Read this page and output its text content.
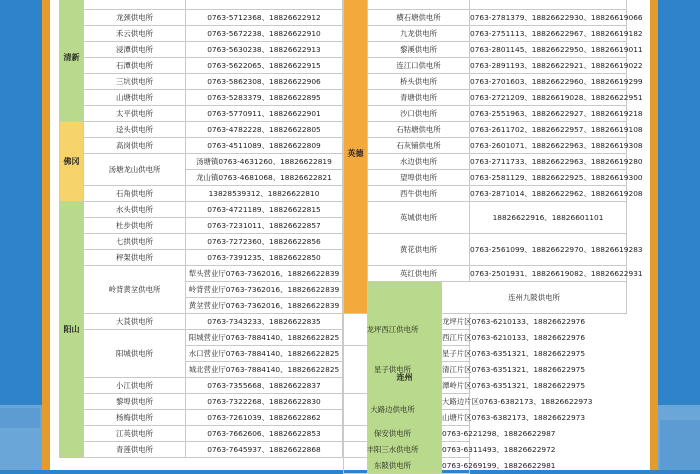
清新		
	龙颈供电所	0763-5712368、18826622912
	禾云供电所	0763-5672238、18826622910
	浸潭供电所	0763-5630238、18826622913
	石潭供电所	0763-5622065、18826622915
	三坑供电所	0763-5862308、18826622906
	山塘供电所	0763-5283379、18826622895
	太平供电所	0763-5770911、18826622901
佛冈	迳头供电所	0763-4782228、18826622805
	高岗供电所	0763-4511089、18826622809
	汤塘龙山供电所	汤塘镇0763-4631260、18826622819
		龙山镇0763-4681068、18826622821
	石角供电所	13828539312、18826622810
阳山	水头供电所	0763-4721189、18826622815
	杜步供电所	0763-7231011、18826622857
	七拱供电所	0763-7272360、18826622856
	秤架供电所	0763-7391235、18826622850
	岭背黄坌供电所	犁头营业厅0763-7362016、18826622839
		岭背营业厅0763-7362016、18826622839
		黄坌营业厅0763-7362016、18826622839
	大莨供电所	0763-7343233、18826622835
	阳城供电所	阳城营业厅0763-7884140、18826622825
		水口营业厅0763-7884140、18826622825
		城北营业厅0763-7884140、18826622825
	小江供电所	0763-7355668、18826622837
	黎埠供电所	0763-7322268、18826622830
	杨梅供电所	0763-7261039、18826622862
	江英供电所	0763-7662606、18826622853
	青莲供电所	0763-7645937、18826622868
英德				
	横石塘供电所		0763-2781379、18826622930、18826619066	
	九龙供电所		0763-2751113、18826622967、18826619182	
	黎溪供电所		0763-2801145、18826622950、18826619011	
	连江口供电所		0763-2891193、18826622921、18826619022	
	桥头供电所		0763-2701603、18826622960、18826619299	
	青塘供电所		0763-2721209、18826619028、18826622951	
	沙口供电所		0763-2551963、18826622927、18826619218	
	石牯塘供电所		0763-2611702、18826622957、18826619108	
	石灰铺供电所		0763-2601071、18826622963、18826619308	
	水边供电所		0763-2711733、18826622963、18826619280	
	望埠供电所		0763-2581129、18826622925、18826619300	
	西牛供电所		0763-2871014、18826622962、18826619208	
	英城供电所		18826622916、18826601101	
	黄花供电所		0763-2561099、18826622970、18826619283	
	英红供电所		0763-2501931、18826619082、18826622931	
	连州	连州九陂供电所	

龙坪西江供电所		龙坪片区0763-6210133、18826622976		
		西江片区0763-6210133、18826622976		
星子供电所		星子片区0763-6351321、18826622975		
		清江片区0763-6351321、18826622975		
		潭岭片区0763-6351321、18826622975		
大路边供电所		大路边片区0763-6382173、18826622973		
		山塘片区0763-6382173、18826622973		
保安供电所		0763-6221298、18826622987		
丰阳三水供电所		0763-6311493、18826622972		
东陂供电所		0763-6269199、18826622981		
